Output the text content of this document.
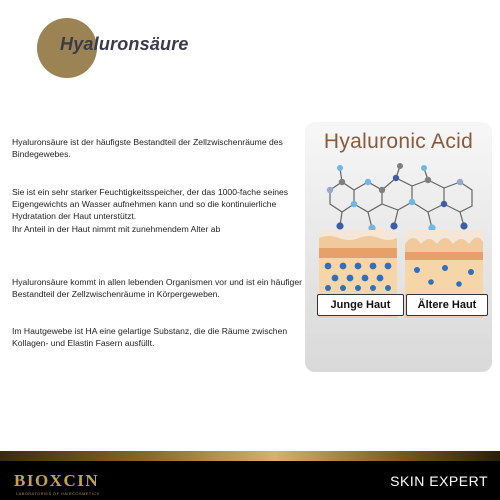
Hyaluronsäure
Hyaluronsäure ist der häufigste Bestandteil der Zellzwischenräume des Bindegewebes.
Sie ist ein sehr starker Feuchtigkeitsspeicher, der das 1000-fache seines Eigengewichts an Wasser aufnehmen kann und so die kontinuierliche Hydratation der Haut unterstützt.
Ihr Anteil in der Haut nimmt mit zunehmendem Alter ab
Hyaluronsäure kommt in allen lebenden Organismen vor und ist ein häufiger Bestandteil der Zellzwischenräume in Körpergeweben.
Im Hautgewebe ist HA eine gelartige Substanz, die die Räume zwischen Kollagen- und Elastin Fasern ausfüllt.
Hyaluronic Acid
Junge Haut	Ältere Haut
BIOXCIN
LABORATORIES OF HAIRCOSMETICS
SKIN EXPERT
